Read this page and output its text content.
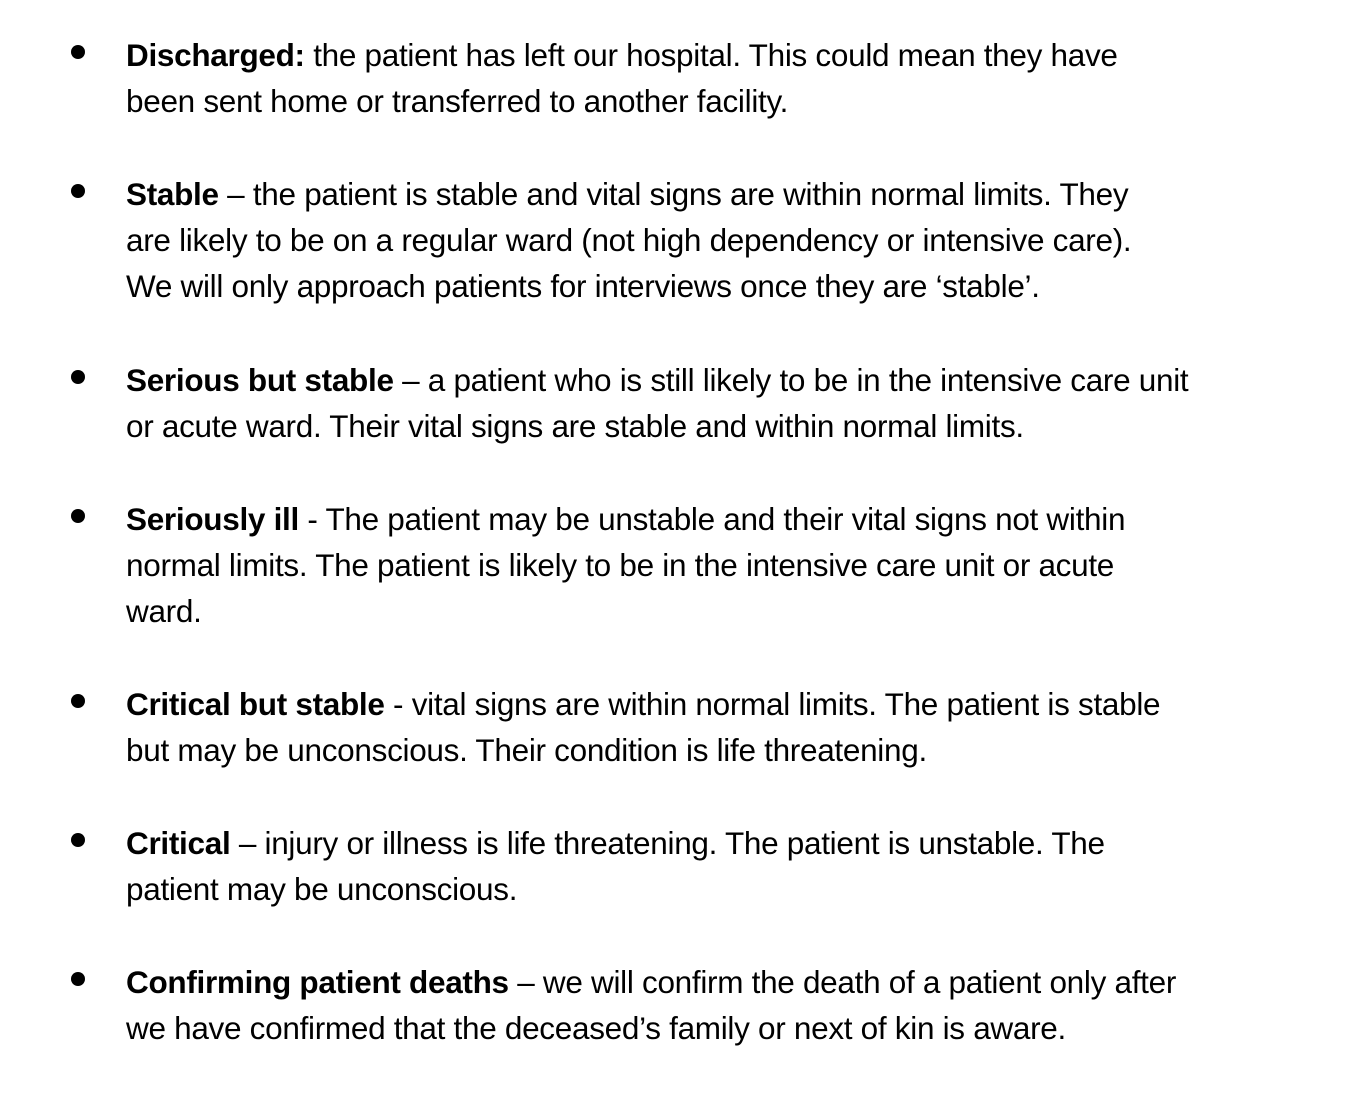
Discharged: the patient has left our hospital. This could mean they have
been sent home or transferred to another facility.
Stable – the patient is stable and vital signs are within normal limits. They
are likely to be on a regular ward (not high dependency or intensive care).
We will only approach patients for interviews once they are ‘stable’.
Serious but stable – a patient who is still likely to be in the intensive care unit
or acute ward. Their vital signs are stable and within normal limits.
Seriously ill - The patient may be unstable and their vital signs not within
normal limits. The patient is likely to be in the intensive care unit or acute
ward.
Critical but stable - vital signs are within normal limits. The patient is stable
but may be unconscious. Their condition is life threatening.
Critical – injury or illness is life threatening. The patient is unstable. The
patient may be unconscious.
Confirming patient deaths – we will confirm the death of a patient only after
we have confirmed that the deceased’s family or next of kin is aware.
